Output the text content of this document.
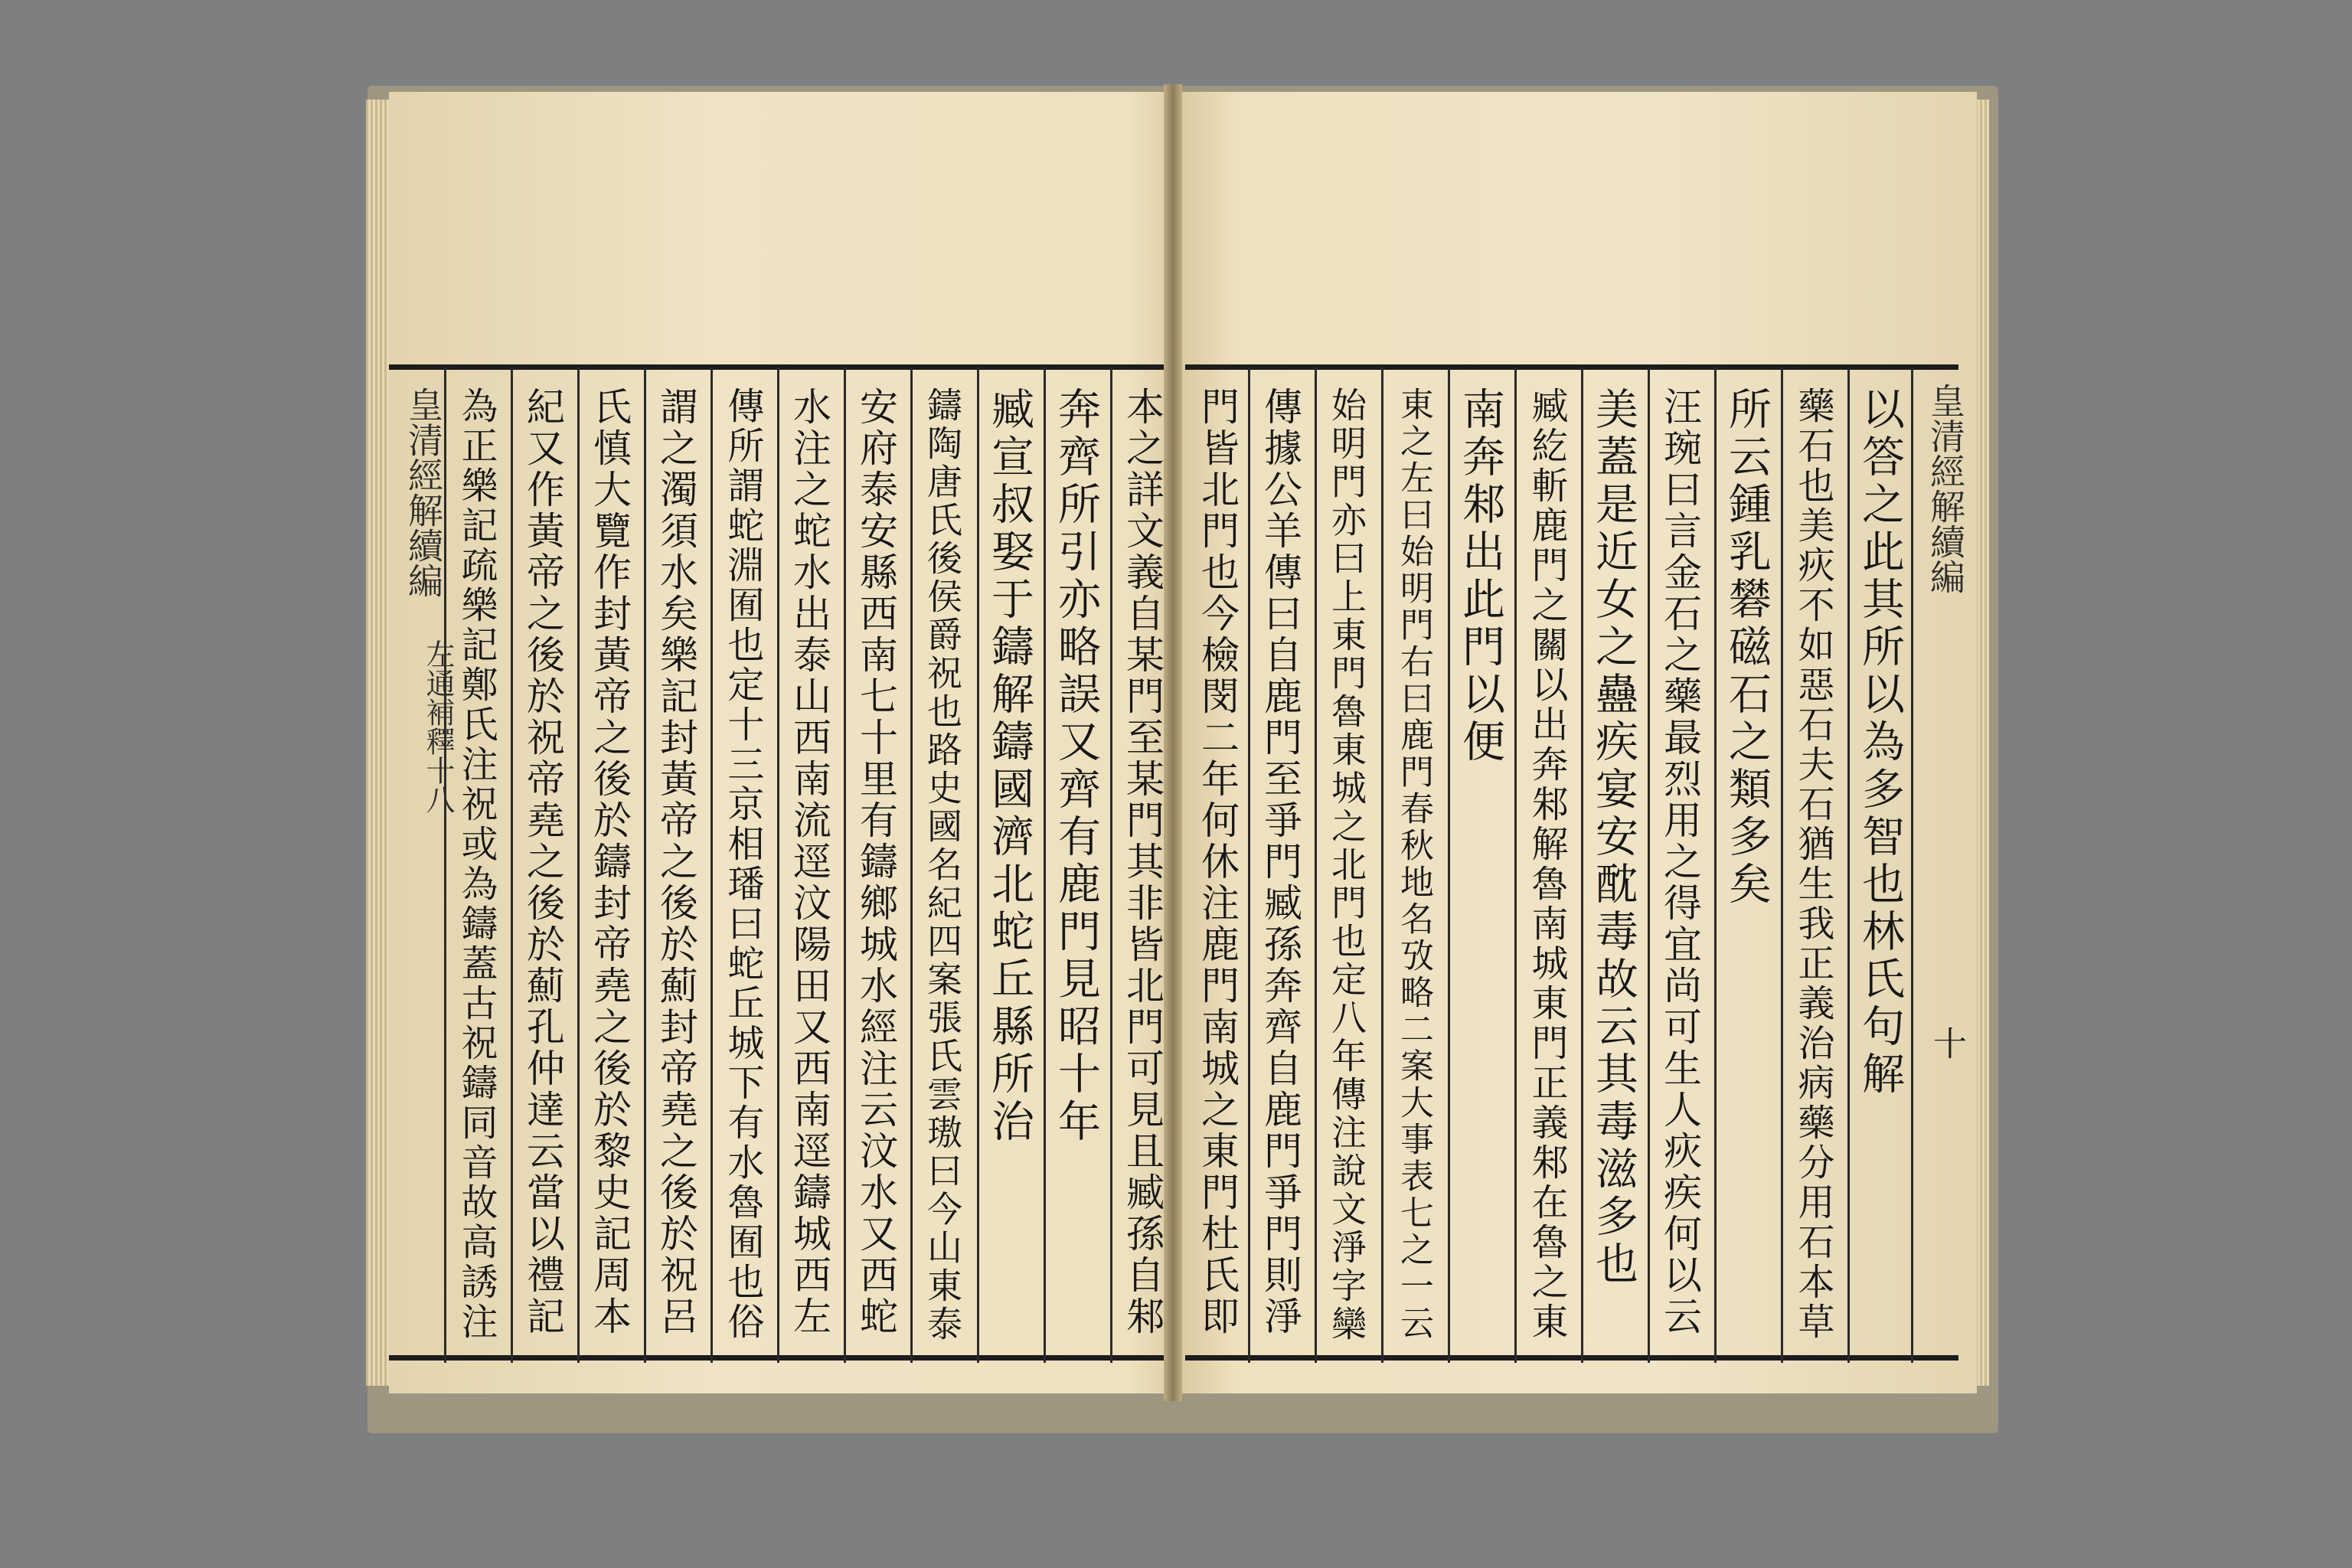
皇清經解續編
左通補釋十八
皇清經解續編
十
以答之此其所以為多智也林氏句解
藥石也美疢不如惡石夫石猶生我正義治病藥分用石本草
所云鍾乳礬磁石之類多矣
汪琬曰言金石之藥最烈用之得宜尚可生人疢疾何以云
美蓋是近女之蠱疾宴安酖毒故云其毒滋多也
臧紇斬鹿門之關以出奔邾解魯南城東門正義邾在魯之東
南奔邾出此門以便
東之左曰始明門右曰鹿門春秋地名攷略二案大事表七之一云
始明門亦曰上東門魯東城之北門也定八年傳注說文淨字欒
傳據公羊傳曰自鹿門至爭門臧孫奔齊自鹿門爭門則淨
門皆北門也今檢閔二年何休注鹿門南城之東門杜氏即
本之詳文義自某門至某門其非皆北門可見且臧孫自邾
奔齊所引亦略誤又齊有鹿門見昭十年
臧宣叔娶于鑄解鑄國濟北蛇丘縣所治
鑄陶唐氏後侯爵祝也路史國名紀四案張氏雲璈曰今山東泰
安府泰安縣西南七十里有鑄鄉城水經注云汶水又西蛇
水注之蛇水出泰山西南流逕汶陽田又西南逕鑄城西左
傳所謂蛇淵囿也定十三京相璠曰蛇丘城下有水魯囿也俗
謂之濁須水矣樂記封黃帝之後於薊封帝堯之後於祝呂
氏慎大覽作封黃帝之後於鑄封帝堯之後於黎史記周本
紀又作黃帝之後於祝帝堯之後於薊孔仲達云當以禮記
為正樂記疏樂記鄭氏注祝或為鑄蓋古祝鑄同音故高誘注
